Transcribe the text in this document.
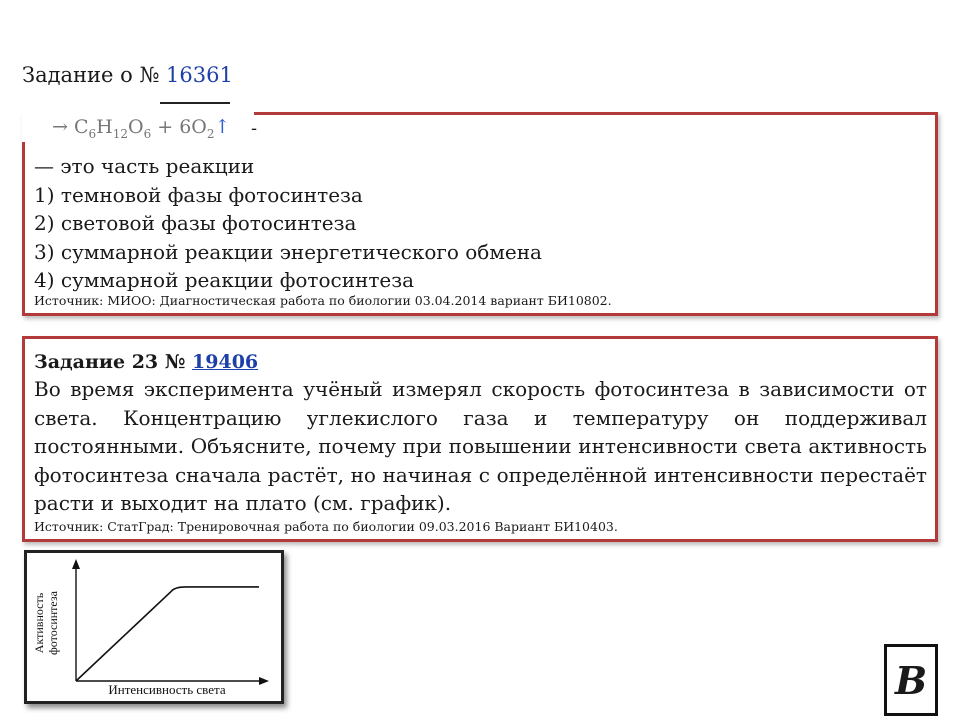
Задание о № 16361
→ $C_6H_{12}O_6$ + $6O_2↑$ -
— это часть реакции
1) темновой фазы фотосинтеза
2) световой фазы фотосинтеза
3) суммарной реакции энергетического обмена
4) суммарной реакции фотосинтеза
Источник: МИОО: Диагностическая работа по биологии 03.04.2014 вариант БИ10802.
Задание 23 № 19406
Во время эксперимента учёный измерял скорость фотосинтеза в зависимости от света. Концентрацию углекислого газа и температуру он поддерживал постоянными. Объясните, почему при повышении интенсивности света активность фотосинтеза сначала растёт, но начиная с определённой интенсивности перестаёт расти и выходит на плато (см. график).
Источник: СтатГрад: Тренировочная работа по биологии 09.03.2016 Вариант БИ10403.
Активность фотосинтеза
Интенсивность света	B
